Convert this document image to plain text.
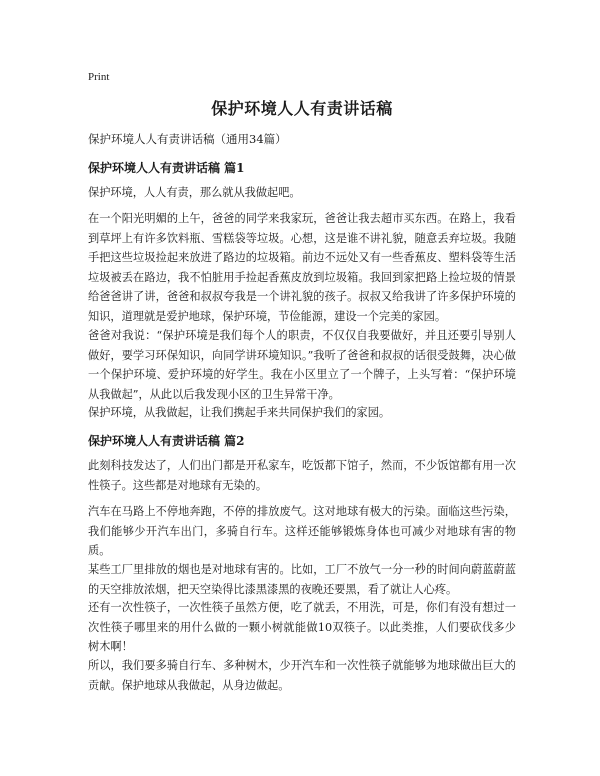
Print
保护环境人人有责讲话稿
保护环境人人有责讲话稿（通用34篇）
保护环境人人有责讲话稿 篇1
保护环境，人人有责，那么就从我做起吧。
在一个阳光明媚的上午，爸爸的同学来我家玩，爸爸让我去超市买东西。在路上，我看到草坪上有许多饮料瓶、雪糕袋等垃圾。心想，这是谁不讲礼貌，随意丢弃垃圾。我随手把这些垃圾捡起来放进了路边的垃圾箱。前边不远处又有一些香蕉皮、塑料袋等生活垃圾被丢在路边，我不怕脏用手捡起香蕉皮放到垃圾箱。我回到家把路上捡垃圾的情景给爸爸讲了讲，爸爸和叔叔夸我是一个讲礼貌的孩子。叔叔又给我讲了许多保护环境的知识，道理就是爱护地球，保护环境，节俭能源，建设一个完美的家园。
爸爸对我说：“保护环境是我们每个人的职责，不仅仅自我要做好，并且还要引导别人做好，要学习环保知识，向同学讲环境知识。”我听了爸爸和叔叔的话很受鼓舞，决心做一个保护环境、爱护环境的好学生。我在小区里立了一个牌子，上头写着：“保护环境从我做起”，从此以后我发现小区的卫生异常干净。
保护环境，从我做起，让我们携起手来共同保护我们的家园。
保护环境人人有责讲话稿 篇2
此刻科技发达了，人们出门都是开私家车，吃饭都下馆子，然而，不少饭馆都有用一次性筷子。这些都是对地球有无染的。
汽车在马路上不停地奔跑，不停的排放废气。这对地球有极大的污染。面临这些污染，我们能够少开汽车出门，多骑自行车。这样还能够锻炼身体也可减少对地球有害的物质。
某些工厂里排放的烟也是对地球有害的。比如，工厂不放气一分一秒的时间向蔚蓝蔚蓝的天空排放浓烟，把天空染得比漆黑漆黑的夜晚还要黑，看了就让人心疼。
还有一次性筷子，一次性筷子虽然方便，吃了就丢，不用洗，可是，你们有没有想过一次性筷子哪里来的用什么做的一颗小树就能做10双筷子。以此类推，人们要砍伐多少树木啊！
所以，我们要多骑自行车、多种树木，少开汽车和一次性筷子就能够为地球做出巨大的贡献。保护地球从我做起，从身边做起。
